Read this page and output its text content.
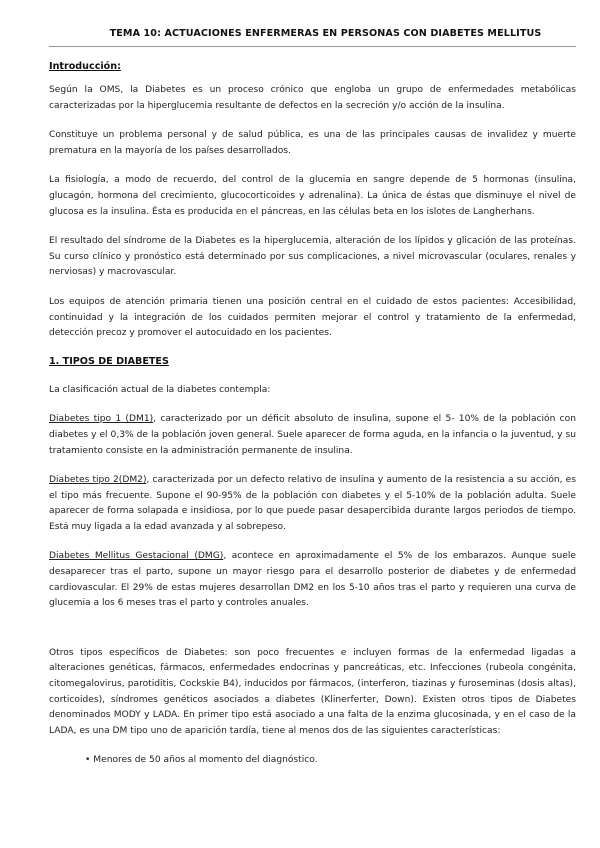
TEMA 10: ACTUACIONES ENFERMERAS EN PERSONAS CON DIABETES MELLITUS
Introducción:

Según la OMS, la Diabetes es un proceso crónico que engloba un grupo de enfermedades metabólicas caracterizadas por la hiperglucemia resultante de defectos en la secreción y/o acción de la insulina.

Constituye un problema personal y de salud pública, es una de las principales causas de invalidez y muerte prematura en la mayoría de los países desarrollados.

La fisiología, a modo de recuerdo, del control de la glucemia en sangre depende de 5 hormonas (insulina, glucagón, hormona del crecimiento, glucocorticoides y adrenalina). La única de éstas que disminuye el nivel de glucosa es la insulina. Ésta es producida en el páncreas, en las células beta en los islotes de Langherhans.

El resultado del síndrome de la Diabetes es la hiperglucemia, alteración de los lípidos y glicación de las proteínas. Su curso clínico y pronóstico está determinado por sus complicaciones, a nivel microvascular (oculares, renales y nerviosas) y macrovascular.

Los equipos de atención primaria tienen una posición central en el cuidado de estos pacientes: Accesibilidad, continuidad y la integración de los cuidados permiten mejorar el control y tratamiento de la enfermedad, detección precoz y promover el autocuidado en los pacientes.

1. TIPOS DE DIABETES

La clasificación actual de la diabetes contempla:

Diabetes tipo 1 (DM1), caracterizado por un déficit absoluto de insulina, supone el 5- 10% de la población con diabetes y el 0,3% de la población joven general. Suele aparecer de forma aguda, en la infancia o la juventud, y su tratamiento consiste en la administración permanente de insulina.

Diabetes tipo 2(DM2), caracterizada por un defecto relativo de insulina y aumento de la resistencia a su acción, es el tipo más frecuente. Supone el 90-95% de la población con diabetes y el 5-10% de la población adulta. Suele aparecer de forma solapada e insidiosa, por lo que puede pasar desapercibida durante largos periodos de tiempo. Está muy ligada a la edad avanzada y al sobrepeso.

Diabetes Mellitus Gestacional (DMG), acontece en aproximadamente el 5% de los embarazos. Aunque suele desaparecer tras el parto, supone un mayor riesgo para el desarrollo posterior de diabetes y de enfermedad cardiovascular. El 29% de estas mujeres desarrollan DM2 en los 5-10 años tras el parto y requieren una curva de glucemia a los 6 meses tras el parto y controles anuales.

Otros tipos específicos de Diabetes: son poco frecuentes e incluyen formas de la enfermedad ligadas a alteraciones genéticas, fármacos, enfermedades endocrinas y pancreáticas, etc. Infecciones (rubeola congénita, citomegalovirus, parotiditis, Cockskie B4), inducidos por fármacos, (interferon, tiazinas y furoseminas (dosis altas), corticoides), síndromes genéticos asociados a diabetes (Klinerferter, Down). Existen otros tipos de Diabetes denominados MODY y LADA. En primer tipo está asociado a una falta de la enzima glucosinada, y en el caso de la LADA, es una DM tipo uno de aparición tardía, tiene al menos dos de las siguientes características:

• Menores de 50 años al momento del diagnóstico.
